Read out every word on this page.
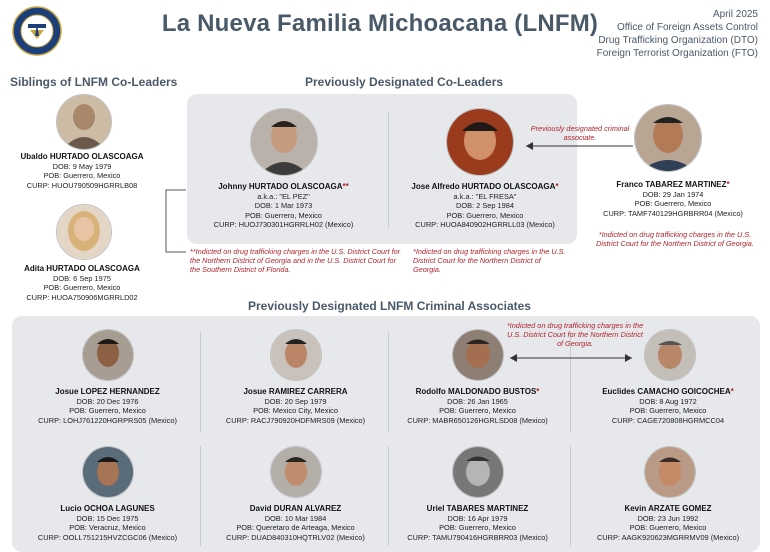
La Nueva Familia Michoacana (LNFM)	April 2025
Office of Foreign Assets Control
Drug Trafficking Organization (DTO)
Foreign Terrorist Organization (FTO)
Siblings of LNFM Co-Leaders	Previously Designated Co-Leaders
Previously Designated LNFM Criminal Associates
Ubaldo HURTADO OLASCOAGA
DOB: 9 May 1979
POB: Guerrero, Mexico
CURP: HUOU790509HGRRLB08
Adita HURTADO OLASCOAGA
DOB: 6 Sep 1975
POB: Guerrero, Mexico
CURP: HUOA750906MGRRLD02
Johnny HURTADO OLASCOAGA**
a.k.a.: "EL PEZ"
DOB: 1 Mar 1973
POB: Guerrero, Mexico
CURP: HUOJ730301HGRRLH02 (Mexico)
Jose Alfredo HURTADO OLASCOAGA*
a.k.a.: "EL FRESA"
DOB: 2 Sep 1984
POB: Guerrero, Mexico
CURP: HUOA840902HGRRLL03 (Mexico)
Previously designated criminal associate.
Franco TABAREZ MARTINEZ*
DOB: 29 Jan 1974
POB: Guerrero, Mexico
CURP: TAMF740129HGRBRR04 (Mexico)
*Indicted on drug trafficking charges in the U.S. District Court for the Northern District of Georgia.
**Indicted on drug trafficking charges in the U.S. District Court for the Northern District of Georgia and in the U.S. District Court for the Southern District of Florida.
*Indicted on drug trafficking charges in the U.S. District Court for the Northern District of Georgia.
Josue LOPEZ HERNANDEZ
DOB: 20 Dec 1976
POB: Guerrero, Mexico
CURP: LOHJ761220HGRPRS05 (Mexico)
Josue RAMIREZ CARRERA
DOB: 20 Sep 1979
POB: Mexico City, Mexico
CURP: RACJ790920HDFMRS09 (Mexico)
Rodolfo MALDONADO BUSTOS*
DOB: 26 Jan 1965
POB: Guerrero, Mexico
CURP: MABR650126HGRLSD08 (Mexico)
Euclides CAMACHO GOICOCHEA*
DOB: 8 Aug 1972
POB: Guerrero, Mexico
CURP: CAGE720808HGRMCC04
*Indicted on drug trafficking charges in the U.S. District Court for the Northern District of Georgia.
Lucio OCHOA LAGUNES
DOB: 15 Dec 1975
POB: Veracruz, Mexico
CURP: OOLL751215HVZCGC06 (Mexico)
David DURAN ALVAREZ
DOB: 10 Mar 1984
POB: Queretaro de Arteaga, Mexico
CURP: DUAD840310HQTRLV02 (Mexico)
Uriel TABARES MARTINEZ
DOB: 16 Apr 1979
POB: Guerrero, Mexico
CURP: TAMU790416HGRBRR03 (Mexico)
Kevin ARZATE GOMEZ
DOB: 23 Jun 1992
POB: Guerrero, Mexico
CURP: AAGK920623MGRRMV09 (Mexico)
